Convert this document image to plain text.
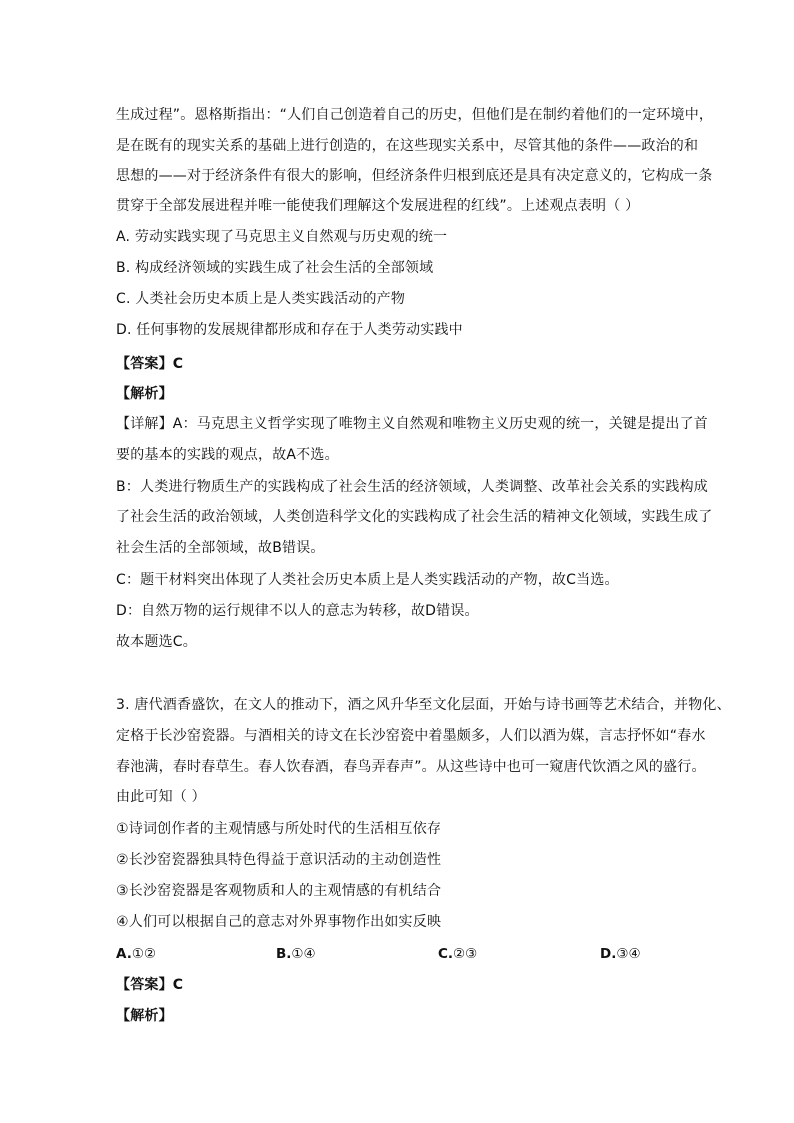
生成过程”。恩格斯指出：“人们自己创造着自己的历史，但他们是在制约着他们的一定环境中，
是在既有的现实关系的基础上进行创造的，在这些现实关系中，尽管其他的条件——政治的和
思想的——对于经济条件有很大的影响，但经济条件归根到底还是具有决定意义的，它构成一条
贯穿于全部发展进程并唯一能使我们理解这个发展进程的红线”。上述观点表明（ ）
A. 劳动实践实现了马克思主义自然观与历史观的统一
B. 构成经济领域的实践生成了社会生活的全部领域
C. 人类社会历史本质上是人类实践活动的产物
D. 任何事物的发展规律都形成和存在于人类劳动实践中
【答案】C
【解析】
【详解】A：马克思主义哲学实现了唯物主义自然观和唯物主义历史观的统一，关键是提出了首
要的基本的实践的观点，故A不选。
B：人类进行物质生产的实践构成了社会生活的经济领域，人类调整、改革社会关系的实践构成
了社会生活的政治领域，人类创造科学文化的实践构成了社会生活的精神文化领域，实践生成了
社会生活的全部领域，故B错误。
C：题干材料突出体现了人类社会历史本质上是人类实践活动的产物，故C当选。
D：自然万物的运行规律不以人的意志为转移，故D错误。
故本题选C。
3. 唐代酒香盛饮，在文人的推动下，酒之风升华至文化层面，开始与诗书画等艺术结合，并物化、
定格于长沙窑瓷器。与酒相关的诗文在长沙窑瓷中着墨颇多，人们以酒为媒，言志抒怀如“春水
春池满，春时春草生。春人饮春酒，春鸟弄春声”。从这些诗中也可一窥唐代饮酒之风的盛行。
由此可知（ ）
①诗词创作者的主观情感与所处时代的生活相互依存
②长沙窑瓷器独具特色得益于意识活动的主动创造性
③长沙窑瓷器是客观物质和人的主观情感的有机结合
④人们可以根据自己的意志对外界事物作出如实反映
A.①②	B.①④	C.②③	D.③④
【答案】C
【解析】
